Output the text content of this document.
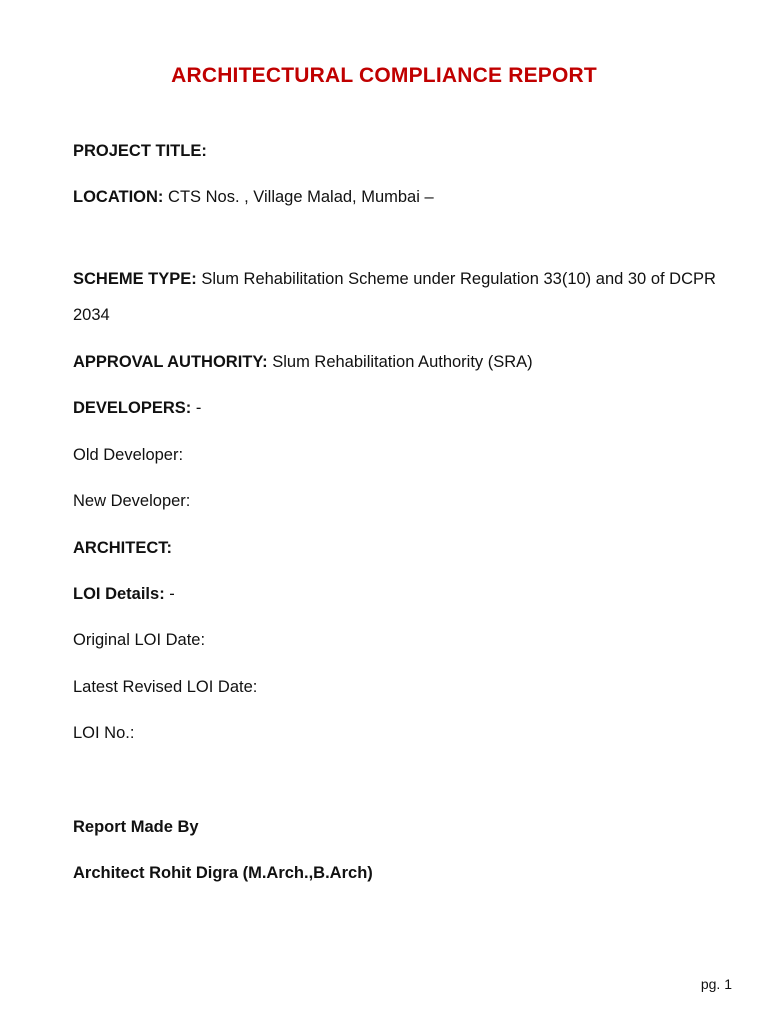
ARCHITECTURAL COMPLIANCE REPORT
PROJECT TITLE:
LOCATION: CTS Nos. , Village Malad, Mumbai –
SCHEME TYPE: Slum Rehabilitation Scheme under Regulation 33(10) and 30 of DCPR 2034
APPROVAL AUTHORITY: Slum Rehabilitation Authority (SRA)
DEVELOPERS: -
Old Developer:
New Developer:
ARCHITECT:
LOI Details: -
Original LOI Date:
Latest Revised LOI Date:
LOI No.:
Report Made By
Architect Rohit Digra (M.Arch.,B.Arch)
pg. 1
